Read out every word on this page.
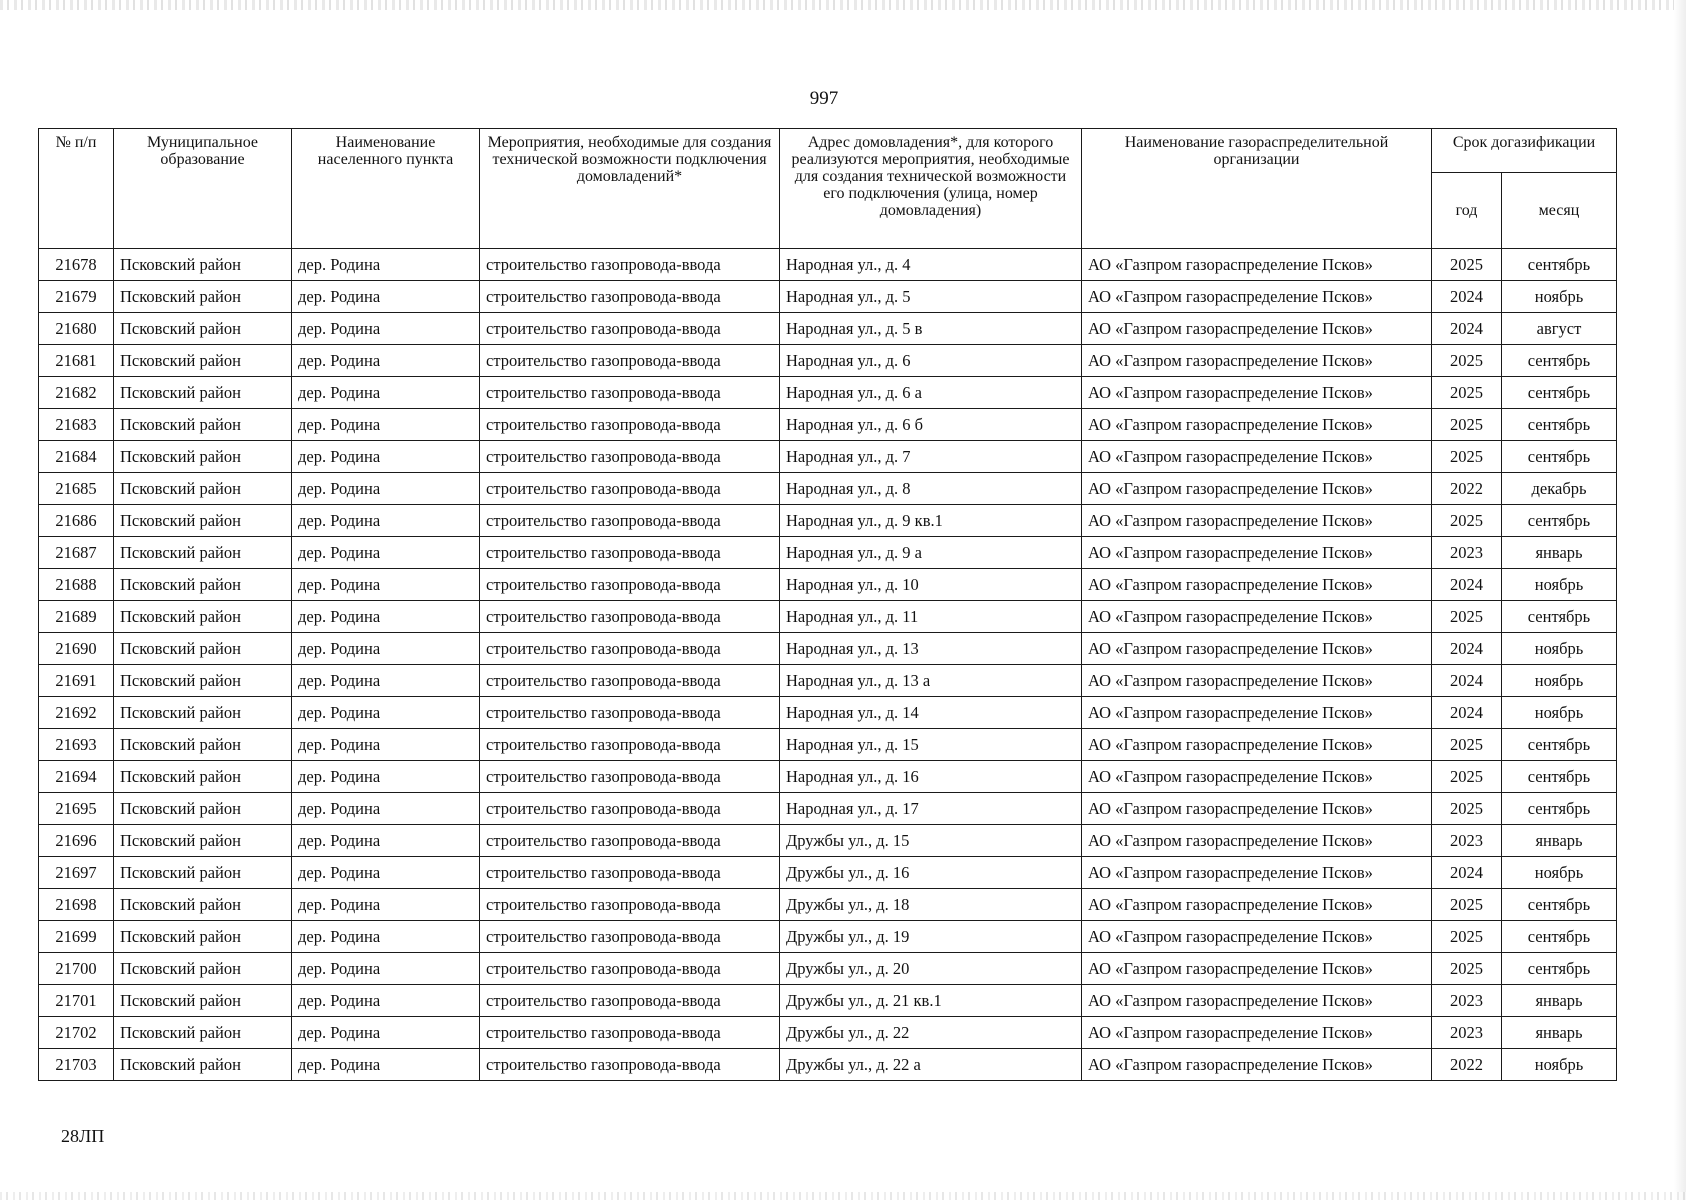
997
№ п/п	Муниципальное образование	Наименование населенного пункта	Мероприятия, необходимые для создания технической возможности подключения домовладений*	Адрес домовладения*, для которого реализуются мероприятия, необходимые для создания технической возможности его подключения (улица, номер домовладения)	Наименование газораспределительной организации	Срок догазификации	
						год	месяц
21678	Псковский район	дер. Родина	строительство газопровода-ввода	Народная ул., д. 4	АО «Газпром газораспределение Псков»	2025	сентябрь
21679	Псковский район	дер. Родина	строительство газопровода-ввода	Народная ул., д. 5	АО «Газпром газораспределение Псков»	2024	ноябрь
21680	Псковский район	дер. Родина	строительство газопровода-ввода	Народная ул., д. 5 в	АО «Газпром газораспределение Псков»	2024	август
21681	Псковский район	дер. Родина	строительство газопровода-ввода	Народная ул., д. 6	АО «Газпром газораспределение Псков»	2025	сентябрь
21682	Псковский район	дер. Родина	строительство газопровода-ввода	Народная ул., д. 6 а	АО «Газпром газораспределение Псков»	2025	сентябрь
21683	Псковский район	дер. Родина	строительство газопровода-ввода	Народная ул., д. 6 б	АО «Газпром газораспределение Псков»	2025	сентябрь
21684	Псковский район	дер. Родина	строительство газопровода-ввода	Народная ул., д. 7	АО «Газпром газораспределение Псков»	2025	сентябрь
21685	Псковский район	дер. Родина	строительство газопровода-ввода	Народная ул., д. 8	АО «Газпром газораспределение Псков»	2022	декабрь
21686	Псковский район	дер. Родина	строительство газопровода-ввода	Народная ул., д. 9 кв.1	АО «Газпром газораспределение Псков»	2025	сентябрь
21687	Псковский район	дер. Родина	строительство газопровода-ввода	Народная ул., д. 9 а	АО «Газпром газораспределение Псков»	2023	январь
21688	Псковский район	дер. Родина	строительство газопровода-ввода	Народная ул., д. 10	АО «Газпром газораспределение Псков»	2024	ноябрь
21689	Псковский район	дер. Родина	строительство газопровода-ввода	Народная ул., д. 11	АО «Газпром газораспределение Псков»	2025	сентябрь
21690	Псковский район	дер. Родина	строительство газопровода-ввода	Народная ул., д. 13	АО «Газпром газораспределение Псков»	2024	ноябрь
21691	Псковский район	дер. Родина	строительство газопровода-ввода	Народная ул., д. 13 а	АО «Газпром газораспределение Псков»	2024	ноябрь
21692	Псковский район	дер. Родина	строительство газопровода-ввода	Народная ул., д. 14	АО «Газпром газораспределение Псков»	2024	ноябрь
21693	Псковский район	дер. Родина	строительство газопровода-ввода	Народная ул., д. 15	АО «Газпром газораспределение Псков»	2025	сентябрь
21694	Псковский район	дер. Родина	строительство газопровода-ввода	Народная ул., д. 16	АО «Газпром газораспределение Псков»	2025	сентябрь
21695	Псковский район	дер. Родина	строительство газопровода-ввода	Народная ул., д. 17	АО «Газпром газораспределение Псков»	2025	сентябрь
21696	Псковский район	дер. Родина	строительство газопровода-ввода	Дружбы ул., д. 15	АО «Газпром газораспределение Псков»	2023	январь
21697	Псковский район	дер. Родина	строительство газопровода-ввода	Дружбы ул., д. 16	АО «Газпром газораспределение Псков»	2024	ноябрь
21698	Псковский район	дер. Родина	строительство газопровода-ввода	Дружбы ул., д. 18	АО «Газпром газораспределение Псков»	2025	сентябрь
21699	Псковский район	дер. Родина	строительство газопровода-ввода	Дружбы ул., д. 19	АО «Газпром газораспределение Псков»	2025	сентябрь
21700	Псковский район	дер. Родина	строительство газопровода-ввода	Дружбы ул., д. 20	АО «Газпром газораспределение Псков»	2025	сентябрь
21701	Псковский район	дер. Родина	строительство газопровода-ввода	Дружбы ул., д. 21 кв.1	АО «Газпром газораспределение Псков»	2023	январь
21702	Псковский район	дер. Родина	строительство газопровода-ввода	Дружбы ул., д. 22	АО «Газпром газораспределение Псков»	2023	январь
21703	Псковский район	дер. Родина	строительство газопровода-ввода	Дружбы ул., д. 22 а	АО «Газпром газораспределение Псков»	2022	ноябрь
28ЛП
